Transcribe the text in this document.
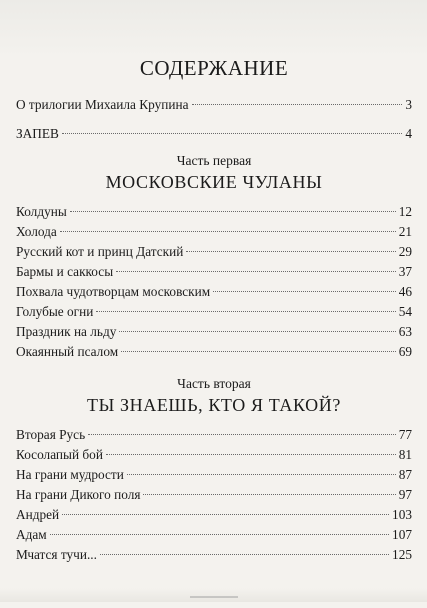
СОДЕРЖАНИЕ
О трилогии Михаила Крупина	3
ЗАПЕВ	4
Часть первая
МОСКОВСКИЕ ЧУЛАНЫ
Колдуны	12
Холода	21
Русский кот и принц Датский	29
Бармы и саккосы	37
Похвала чудотворцам московским	46
Голубые огни	54
Праздник на льду	63
Окаянный псалом	69
Часть вторая
ТЫ ЗНАЕШЬ, КТО Я ТАКОЙ?
Вторая Русь	77
Косолапый бой	81
На грани мудрости	87
На грани Дикого поля	97
Андрей	103
Адам	107
Мчатся тучи...	125
